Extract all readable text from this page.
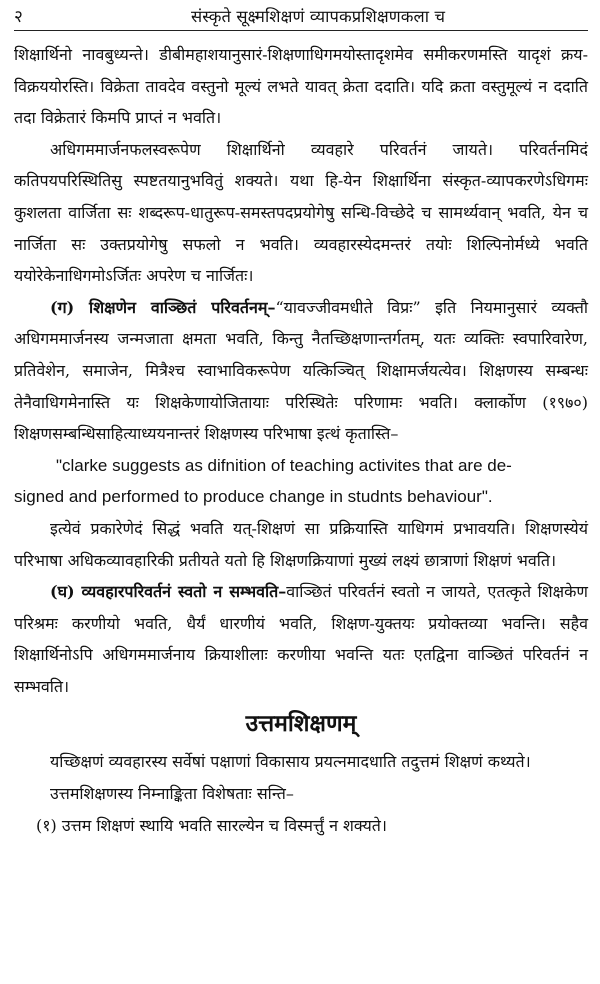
२	संस्कृते सूक्ष्मशिक्षणं व्यापकप्रशिक्षणकला च

शिक्षार्थिनो नावबुध्यन्ते। डीबीमहाशयानुसारं-शिक्षणाधिगमयोस्तादृशमेव समीकरणमस्ति यादृशं क्रय-विक्रययोरस्ति। विक्रेता तावदेव वस्तुनो मूल्यं लभते यावत् क्रेता ददाति। यदि क्रता वस्तुमूल्यं न ददाति तदा विक्रेतारं किमपि प्राप्तं न भवति।

अधिगममार्जनफलस्वरूपेण शिक्षार्थिनो व्यवहारे परिवर्तनं जायते। परिवर्तनमिदं कतिपयपरिस्थितिसु स्पष्टतयानुभवितुं शक्यते। यथा हि-येन शिक्षार्थिना संस्कृत-व्यापकरणेऽधिगमः कुशलता वार्जिता सः शब्दरूप-धातुरूप-समस्तपदप्रयोगेषु सन्धि-विच्छेदे च सामर्थ्यवान् भवति, येन च नार्जिता सः उक्तप्रयोगेषु सफलो न भवति। व्यवहारस्येदमन्तरं तयोः शिल्पिनोर्मध्ये भवति ययोरेकेनाधिगमोऽर्जितः अपरेण च नार्जितः।

(ग) शिक्षणेन वाञ्छितं परिवर्तनम्–“यावज्जीवमधीते विप्रः” इति नियमानुसारं व्यक्तौ अधिगममार्जनस्य जन्मजाता क्षमता भवति, किन्तु नैतच्छिक्षणान्तर्गतम्, यतः व्यक्तिः स्वपारिवारेण, प्रतिवेशेन, समाजेन, मित्रैश्च स्वाभाविकरूपेण यत्किञ्चित् शिक्षामर्जयत्येव। शिक्षणस्य सम्बन्धः तेनैवाधिगमेनास्ति यः शिक्षकेणायोजितायाः परिस्थितेः परिणामः भवति। क्लार्कोण (१९७०) शिक्षणसम्बन्धिसाहित्याध्ययनान्तरं शिक्षणस्य परिभाषा इत्थं कृतास्ति–

"clarke suggests as difnition of teaching activites that are de-

signed and performed to produce change in studnts behaviour".

इत्येवं प्रकारेणेदं सिद्धं भवति यत्-शिक्षणं सा प्रक्रियास्ति याधिगमं प्रभावयति। शिक्षणस्येयं परिभाषा अधिकव्यावहारिकी प्रतीयते यतो हि शिक्षणक्रियाणां मुख्यं लक्ष्यं छात्राणां शिक्षणं भवति।

(घ) व्यवहारपरिवर्तनं स्वतो न सम्भवति–वाञ्छितं परिवर्तनं स्वतो न जायते, एतत्कृते शिक्षकेण परिश्रमः करणीयो भवति, धैर्यं धारणीयं भवति, शिक्षण-युक्तयः प्रयोक्तव्या भवन्ति। सहैव शिक्षार्थिनोऽपि अधिगममार्जनाय क्रियाशीलाः करणीया भवन्ति यतः एतद्विना वाञ्छितं परिवर्तनं न सम्भवति।

उत्तमशिक्षणम्

यच्छिक्षणं व्यवहारस्य सर्वेषां पक्षाणां विकासाय प्रयत्नमादधाति तदुत्तमं शिक्षणं कथ्यते।

उत्तमशिक्षणस्य निम्नाङ्किता विशेषताः सन्ति–

(१) उत्तम शिक्षणं स्थायि भवति सारल्येन च विस्मर्त्तुं न शक्यते।
